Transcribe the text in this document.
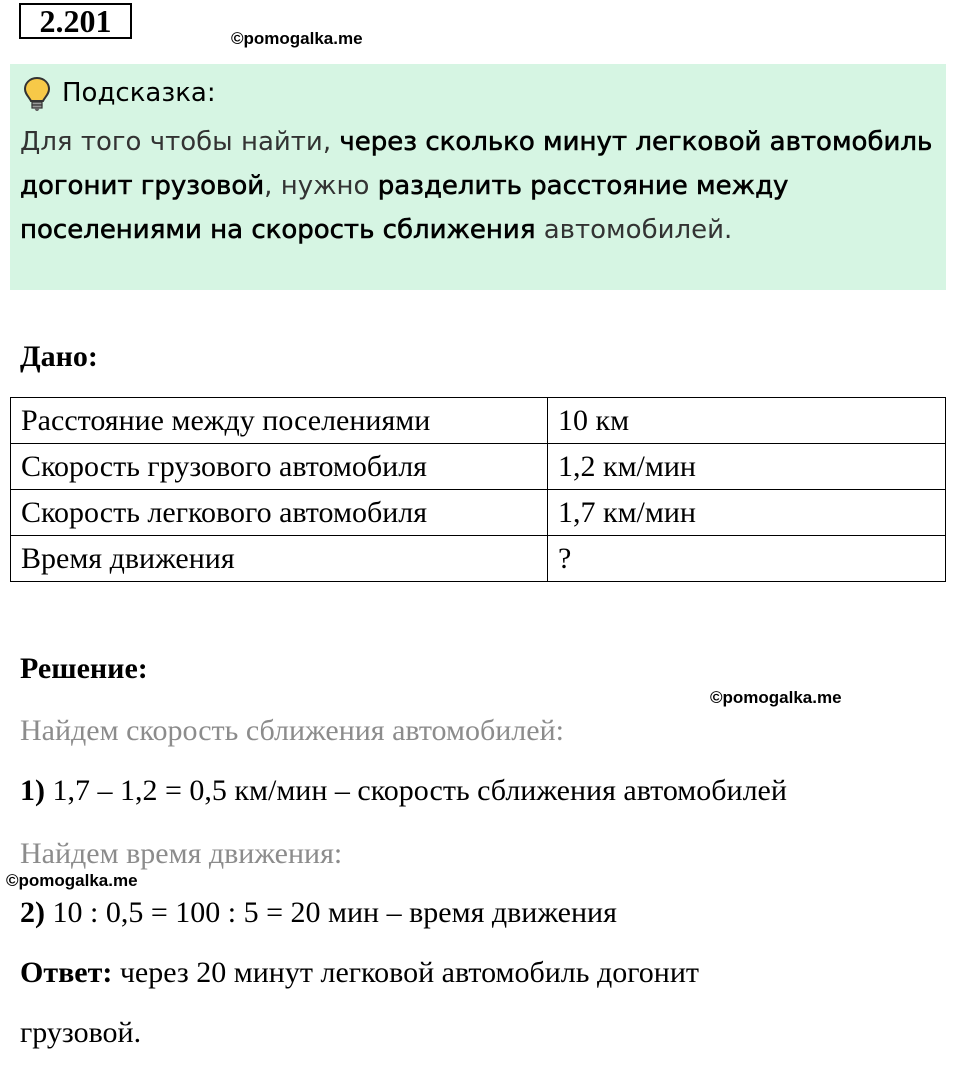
2.201	©pomogalka.me
Подсказка:
Для того чтобы найти, через сколько минут легковой автомобиль догонит грузовой, нужно разделить расстояние между поселениями на скорость сближения автомобилей.
Дано:
Расстояние между поселениями	10 км
Скорость грузового автомобиля	1,2 км/мин
Скорость легкового автомобиля	1,7 км/мин
Время движения	?
Решение:
©pomogalka.me
Найдем скорость сближения автомобилей:
1) 1,7 – 1,2 = 0,5 км/мин – скорость сближения автомобилей
Найдем время движения:
©pomogalka.me
2) 10 : 0,5 = 100 : 5 = 20 мин – время движения
Ответ: через 20 минут легковой автомобиль догонит
грузовой.
